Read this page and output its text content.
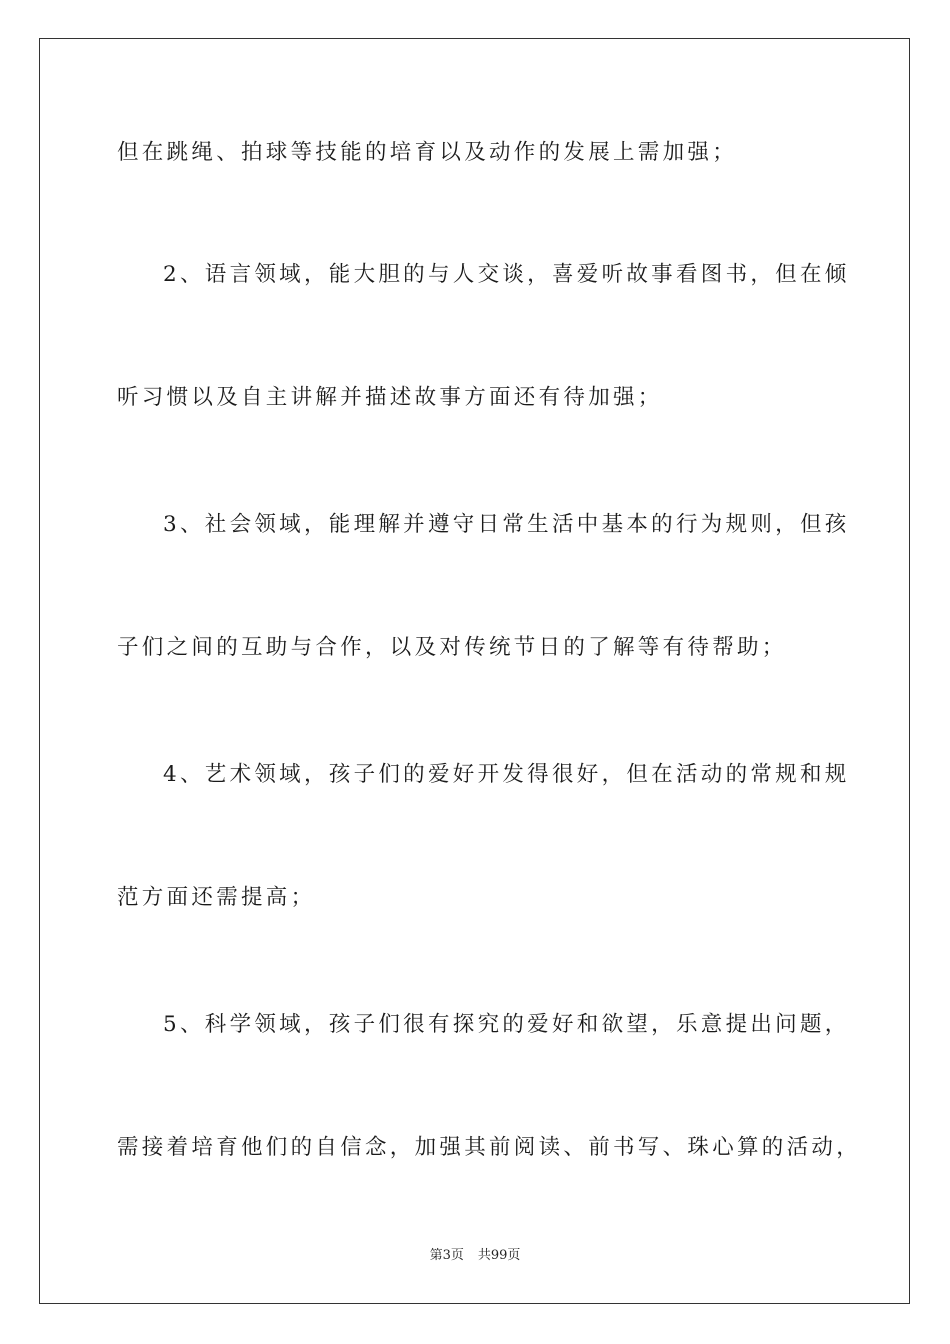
但在跳绳、拍球等技能的培育以及动作的发展上需加强；
2、语言领域，能大胆的与人交谈，喜爱听故事看图书，但在倾
听习惯以及自主讲解并描述故事方面还有待加强；
3、社会领域，能理解并遵守日常生活中基本的行为规则，但孩
子们之间的互助与合作，以及对传统节日的了解等有待帮助；
4、艺术领域，孩子们的爱好开发得很好，但在活动的常规和规
范方面还需提高；
5、科学领域，孩子们很有探究的爱好和欲望，乐意提出问题，
需接着培育他们的自信念，加强其前阅读、前书写、珠心算的活动，
第3页 共99页
